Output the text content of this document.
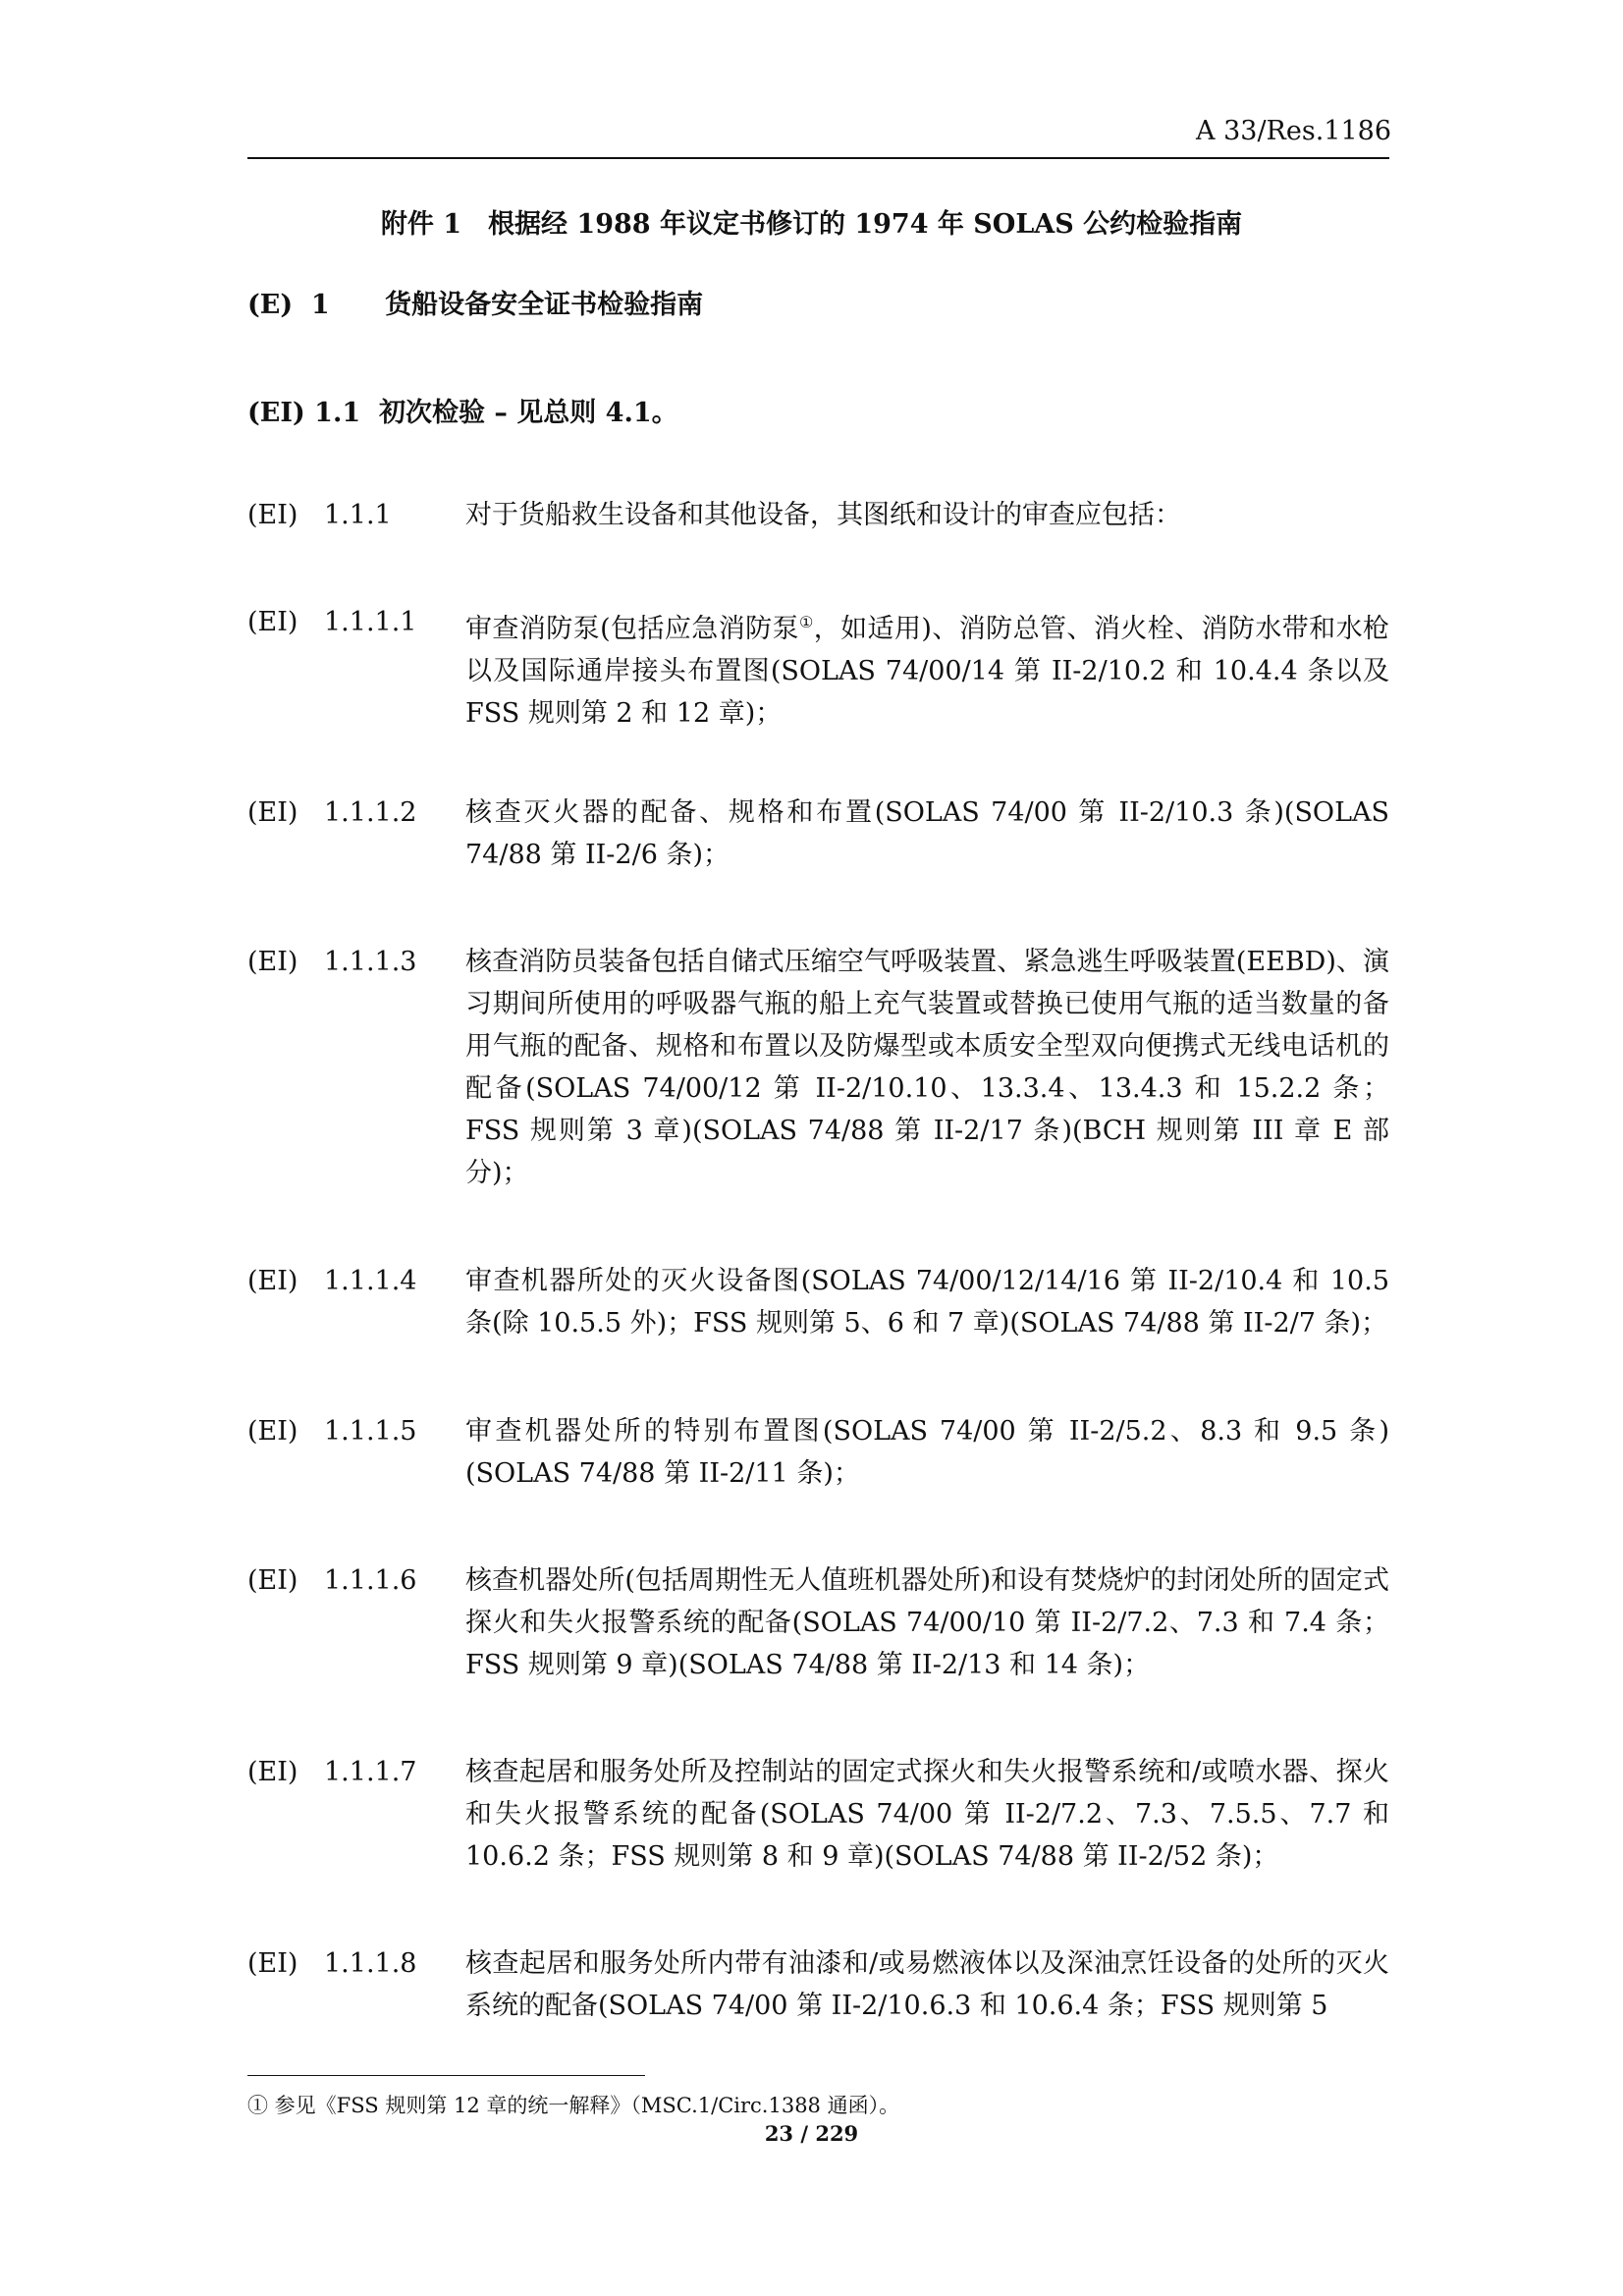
A 33/Res.1186
附件 1　根据经 1988 年议定书修订的 1974 年 SOLAS 公约检验指南
(E)  1 货船设备安全证书检验指南
(EI) 1.1 初次检验 – 见总则 4.1。
(EI) 1.1.1	对于货船救生设备和其他设备，其图纸和设计的审查应包括：
(EI) 1.1.1.1 审查消防泵(包括应急消防泵①，如适用)、消防总管、消火栓、消防水带和水枪以及国际通岸接头布置图(SOLAS 74/00/14 第 II-2/10.2 和 10.4.4 条以及 FSS 规则第 2 和 12 章)；
(EI) 1.1.1.2 核查灭火器的配备、规格和布置(SOLAS 74/00 第 II-2/10.3 条)(SOLAS 74/88 第 II-2/6 条)；
(EI) 1.1.1.3 核查消防员装备包括自储式压缩空气呼吸装置、紧急逃生呼吸装置(EEBD)、演习期间所使用的呼吸器气瓶的船上充气装置或替换已使用气瓶的适当数量的备用气瓶的配备、规格和布置以及防爆型或本质安全型双向便携式无线电话机的配备(SOLAS 74/00/12 第 II-2/10.10、13.3.4、13.4.3 和 15.2.2 条；FSS 规则第 3 章)(SOLAS 74/88 第 II-2/17 条)(BCH 规则第 III 章 E 部分)；
(EI) 1.1.1.4 审查机器所处的灭火设备图(SOLAS 74/00/12/14/16 第 II-2/10.4 和 10.5 条(除 10.5.5 外)；FSS 规则第 5、6 和 7 章)(SOLAS 74/88 第 II-2/7 条)；
(EI) 1.1.1.5 审查机器处所的特别布置图(SOLAS 74/00 第 II-2/5.2、8.3 和 9.5 条)(SOLAS 74/88 第 II-2/11 条)；
(EI) 1.1.1.6 核查机器处所(包括周期性无人值班机器处所)和设有焚烧炉的封闭处所的固定式探火和失火报警系统的配备(SOLAS 74/00/10 第 II-2/7.2、7.3 和 7.4 条；FSS 规则第 9 章)(SOLAS 74/88 第 II-2/13 和 14 条)；
(EI) 1.1.1.7 核查起居和服务处所及控制站的固定式探火和失火报警系统和/或喷水器、探火和失火报警系统的配备(SOLAS 74/00 第 II-2/7.2、7.3、7.5.5、7.7 和 10.6.2 条；FSS 规则第 8 和 9 章)(SOLAS 74/88 第 II-2/52 条)；
(EI) 1.1.1.8 核查起居和服务处所内带有油漆和/或易燃液体以及深油烹饪设备的处所的灭火系统的配备(SOLAS 74/00 第 II-2/10.6.3 和 10.6.4 条；FSS 规则第 5
① 参见《FSS 规则第 12 章的统一解释》（MSC.1/Circ.1388 通函）。
23 / 229
